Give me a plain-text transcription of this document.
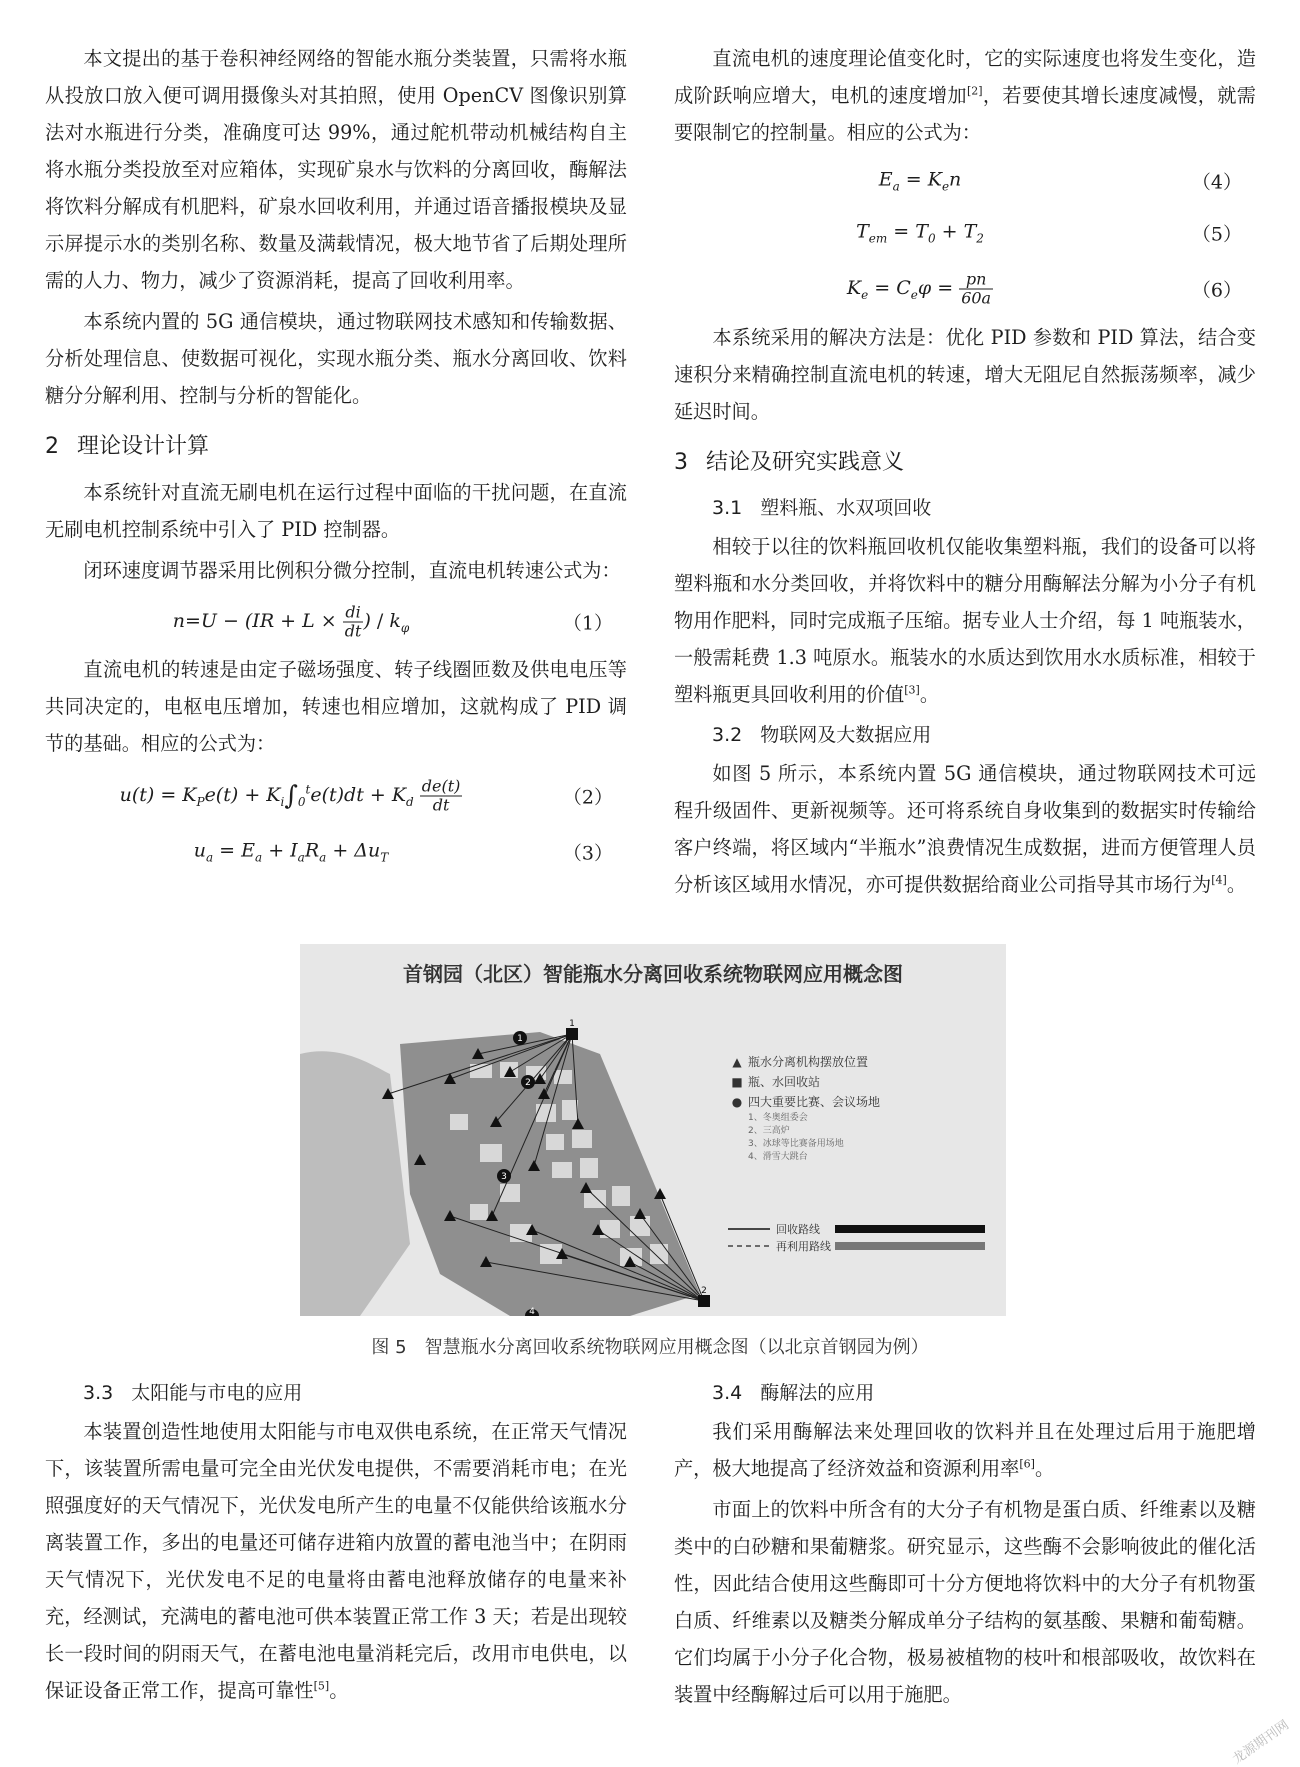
本文提出的基于卷积神经网络的智能水瓶分类装置，只需将水瓶从投放口放入便可调用摄像头对其拍照，使用 OpenCV 图像识别算法对水瓶进行分类，准确度可达 99%，通过舵机带动机械结构自主将水瓶分类投放至对应箱体，实现矿泉水与饮料的分离回收，酶解法将饮料分解成有机肥料，矿泉水回收利用，并通过语音播报模块及显示屏提示水的类别名称、数量及满载情况，极大地节省了后期处理所需的人力、物力，减少了资源消耗，提高了回收利用率。

本系统内置的 5G 通信模块，通过物联网技术感知和传输数据、分析处理信息、使数据可视化，实现水瓶分类、瓶水分离回收、饮料糖分分解利用、控制与分析的智能化。

2 理论设计计算

本系统针对直流无刷电机在运行过程中面临的干扰问题，在直流无刷电机控制系统中引入了 PID 控制器。

闭环速度调节器采用比例积分微分控制，直流电机转速公式为：

$n=U - (IR + L \times \frac{di}{dt}$ ) / $k_\varphi$	（1）

直流电机的转速是由定子磁场强度、转子线圈匝数及供电电压等共同决定的，电枢电压增加，转速也相应增加，这就构成了 PID 调节的基础。相应的公式为：

$u(t) = K_Pe(t) + K_i\int_0^te(t)dt + K_d \frac{de(t)}{dt}$	（2）
$u_a = E_a + I_aR_a + \Delta u_T$	（3）

直流电机的速度理论值变化时，它的实际速度也将发生变化，造成阶跃响应增大，电机的速度增加[2]，若要使其增长速度减慢，就需要限制它的控制量。相应的公式为：

$E_a = K_en$	（4）
$T_{em} = T_0 + T_2$	（5）
$K_e = C_e\varphi = \frac{pn}{60a}$	（6）

本系统采用的解决方法是：优化 PID 参数和 PID 算法，结合变速积分来精确控制直流电机的转速，增大无阻尼自然振荡频率，减少延迟时间。

3 结论及研究实践意义
3.1 塑料瓶、水双项回收

相较于以往的饮料瓶回收机仅能收集塑料瓶，我们的设备可以将塑料瓶和水分类回收，并将饮料中的糖分用酶解法分解为小分子有机物用作肥料，同时完成瓶子压缩。据专业人士介绍，每 1 吨瓶装水，一般需耗费 1.3 吨原水。瓶装水的水质达到饮用水水质标准，相较于塑料瓶更具回收利用的价值[3]。

3.2 物联网及大数据应用

如图 5 所示，本系统内置 5G 通信模块，通过物联网技术可远程升级固件、更新视频等。还可将系统自身收集到的数据实时传输给客户终端，将区域内“半瓶水”浪费情况生成数据，进而方便管理人员分析该区域用水情况，亦可提供数据给商业公司指导其市场行为[4]。

1
2
3
4
1
2
首钢园（北区）智能瓶水分离回收系统物联网应用概念图
▲ 瓶水分离机构摆放位置
■ 瓶、水回收站
● 四大重要比赛、会议场地
1、冬奥组委会
2、三高炉
3、冰球等比赛备用场地
4、滑雪大跳台
回收路线
再利用路线
图 5　智慧瓶水分离回收系统物联网应用概念图（以北京首钢园为例）
3.3 太阳能与市电的应用

本装置创造性地使用太阳能与市电双供电系统，在正常天气情况下，该装置所需电量可完全由光伏发电提供，不需要消耗市电；在光照强度好的天气情况下，光伏发电所产生的电量不仅能供给该瓶水分离装置工作，多出的电量还可储存进箱内放置的蓄电池当中；在阴雨天气情况下，光伏发电不足的电量将由蓄电池释放储存的电量来补充，经测试，充满电的蓄电池可供本装置正常工作 3 天；若是出现较长一段时间的阴雨天气，在蓄电池电量消耗完后，改用市电供电，以保证设备正常工作，提高可靠性[5]。

3.4 酶解法的应用

我们采用酶解法来处理回收的饮料并且在处理过后用于施肥增产，极大地提高了经济效益和资源利用率[6]。

市面上的饮料中所含有的大分子有机物是蛋白质、纤维素以及糖类中的白砂糖和果葡糖浆。研究显示，这些酶不会影响彼此的催化活性，因此结合使用这些酶即可十分方便地将饮料中的大分子有机物蛋白质、纤维素以及糖类分解成单分子结构的氨基酸、果糖和葡萄糖。它们均属于小分子化合物，极易被植物的枝叶和根部吸收，故饮料在装置中经酶解过后可以用于施肥。

龙源期刊网
